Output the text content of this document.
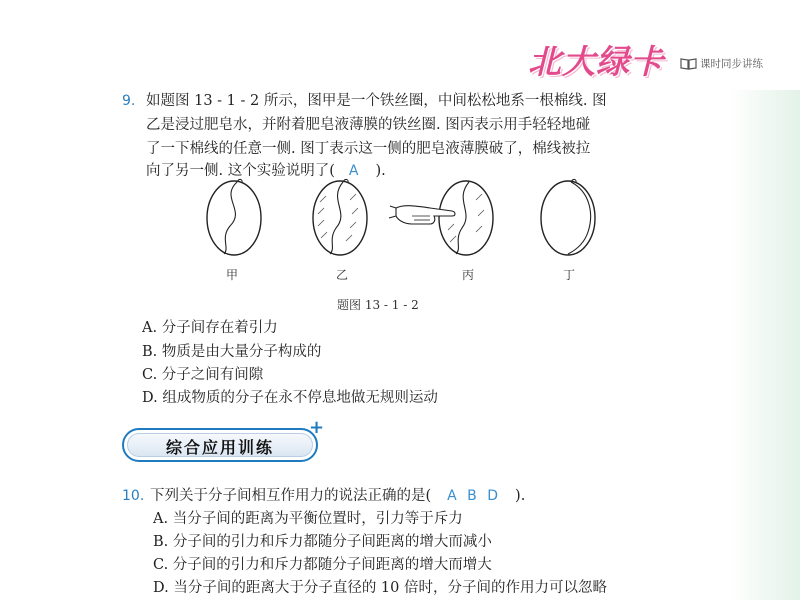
北大绿卡	课时同步讲练
9. 如题图 13 - 1 - 2 所示，图甲是一个铁丝圈，中间松松地系一根棉线. 图
乙是浸过肥皂水，并附着肥皂液薄膜的铁丝圈. 图丙表示用手轻轻地碰
了一下棉线的任意一侧. 图丁表示这一侧的肥皂液薄膜破了，棉线被拉
向了另一侧. 这个实验说明了( A ).
甲	乙	丙	丁
题图 13 - 1 - 2
A. 分子间存在着引力
B. 物质是由大量分子构成的
C. 分子之间有间隙
D. 组成物质的分子在永不停息地做无规则运动
综合应用训练
+
10. 下列关于分子间相互作用力的说法正确的是( A B D ).
A. 当分子间的距离为平衡位置时，引力等于斥力
B. 分子间的引力和斥力都随分子间距离的增大而减小
C. 分子间的引力和斥力都随分子间距离的增大而增大
D. 当分子间的距离大于分子直径的 10 倍时，分子间的作用力可以忽略
